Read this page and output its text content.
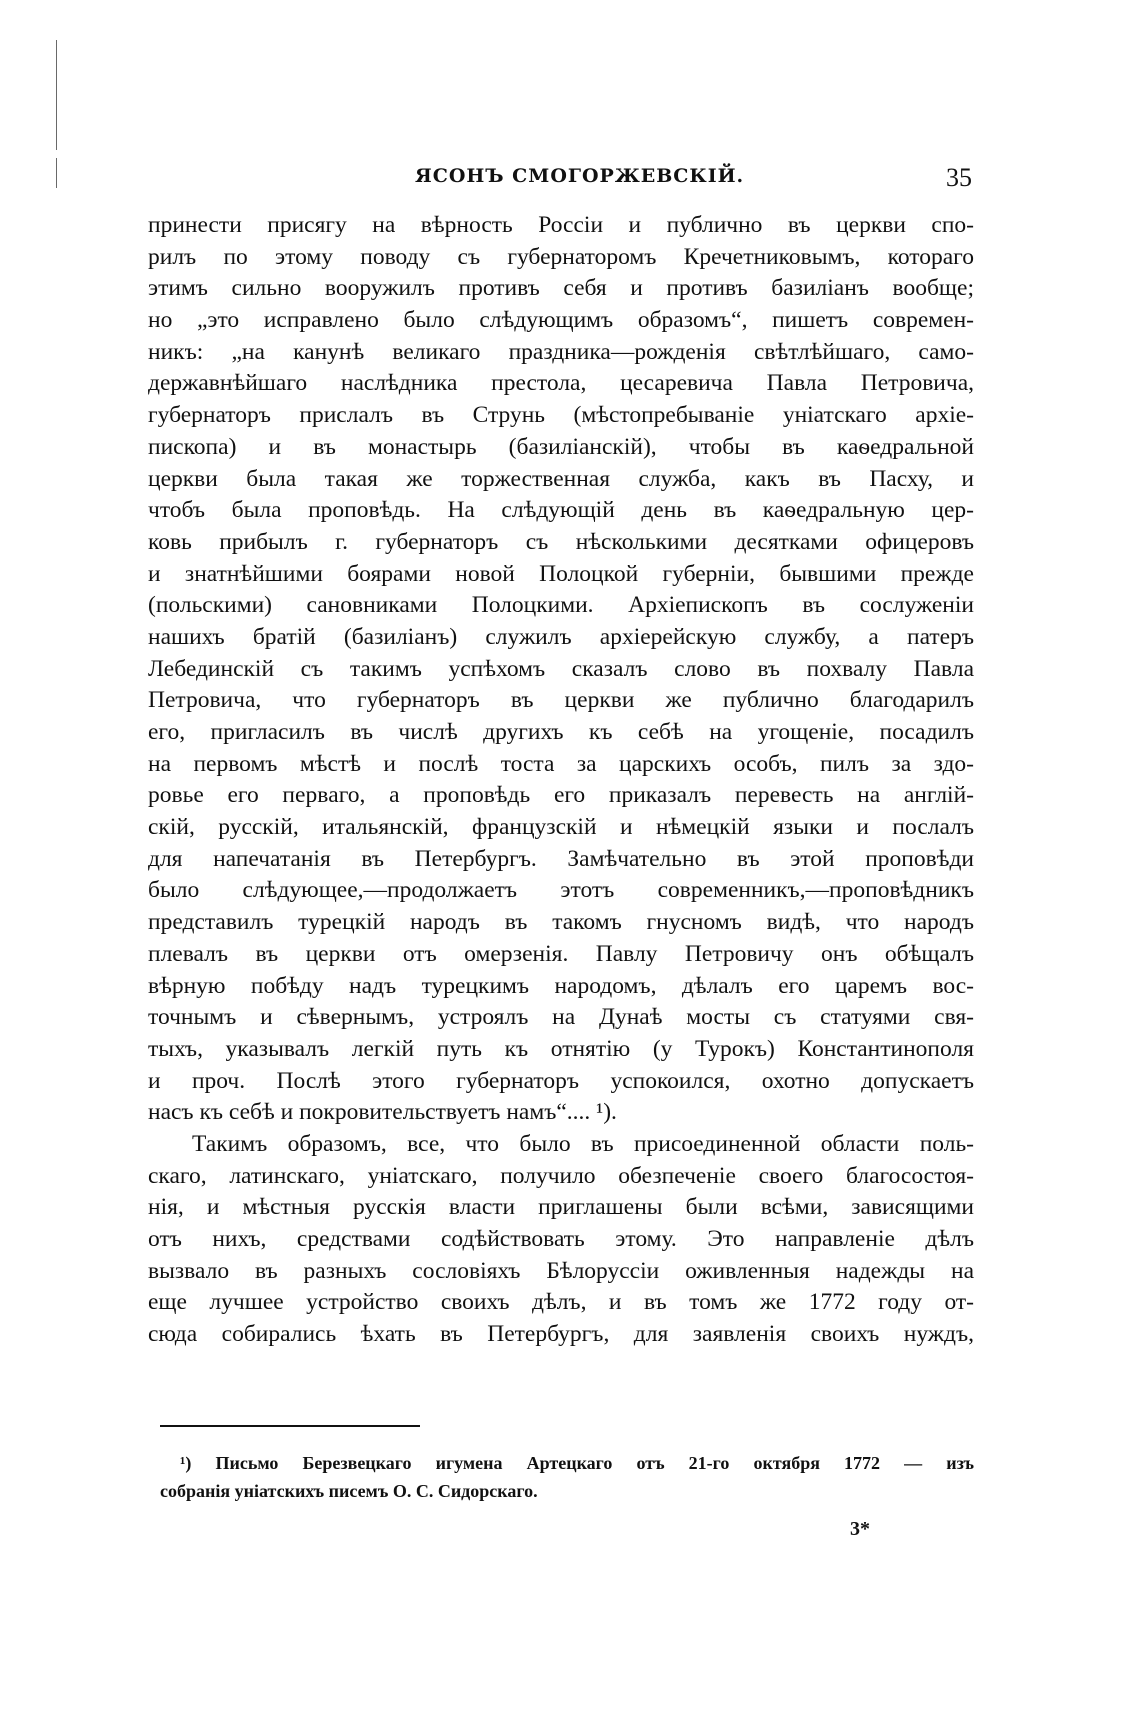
ЯСОНЪ СМОГОРЖЕВСКІЙ.	35
принести присягу на вѣрность Россіи и публично въ церкви спо-
рилъ по этому поводу съ губернаторомъ Кречетниковымъ, котораго
этимъ сильно вооружилъ противъ себя и противъ базиліанъ вообще;
но „это исправлено было слѣдующимъ образомъ“, пишетъ современ-
никъ: „на канунѣ великаго праздника—рожденія свѣтлѣйшаго, само-
державнѣйшаго наслѣдника престола, цесаревича Павла Петровича,
губернаторъ прислалъ въ Струнь (мѣстопребываніе уніатскаго архіе-
пископа) и въ монастырь (базиліанскій), чтобы въ каѳедральной
церкви была такая же торжественная служба, какъ въ Пасху, и
чтобъ была проповѣдь. На слѣдующій день въ каѳедральную цер-
ковь прибылъ г. губернаторъ съ нѣсколькими десятками офицеровъ
и знатнѣйшими боярами новой Полоцкой губерніи, бывшими прежде
(польскими) сановниками Полоцкими. Архіепископъ въ сослуженіи
нашихъ братій (базиліанъ) служилъ архіерейскую службу, а патеръ
Лебединскій съ такимъ успѣхомъ сказалъ слово въ похвалу Павла
Петровича, что губернаторъ въ церкви же публично благодарилъ
его, пригласилъ въ числѣ другихъ къ себѣ на угощеніе, посадилъ
на первомъ мѣстѣ и послѣ тоста за царскихъ особъ, пилъ за здо-
ровье его первaго, а проповѣдь его приказалъ перевесть на англій-
скій, русскій, итальянскій, французскій и нѣмецкій языки и послалъ
для напечатанія въ Петербургъ. Замѣчательно въ этой проповѣди
было слѣдующее,—продолжаетъ этотъ современникъ,—проповѣдникъ
представилъ турецкій народъ въ такомъ гнусномъ видѣ, что народъ
плевалъ въ церкви отъ омерзенія. Павлу Петровичу онъ обѣщалъ
вѣрную побѣду надъ турецкимъ народомъ, дѣлалъ его царемъ вос-
точнымъ и сѣвернымъ, устроялъ на Дунаѣ мосты съ статуями свя-
тыхъ, указывалъ легкій путь къ отнятію (у Турокъ) Константинополя
и проч. Послѣ этого губернаторъ успокоился, охотно допускаетъ
насъ къ себѣ и покровительствуетъ намъ“.... ¹).
Такимъ образомъ, все, что было въ присоединенной области поль-
скаго, латинскаго, уніатскаго, получило обезпеченіе своего благосостоя-
нія, и мѣстныя русскія власти приглашены были всѣми, зависящими
отъ нихъ, средствами содѣйствовать этому. Это направленіе дѣлъ
вызвало въ разныхъ сословіяхъ Бѣлоруссіи оживленныя надежды на
еще лучшее устройство своихъ дѣлъ, и въ томъ же 1772 году от-
сюда собирались ѣхать въ Петербургъ, для заявленія своихъ нуждъ,
¹) Письмо Березвецкаго игумена Артецкаго отъ 21-го октября 1772 — изъ
собранія уніатскихъ писемъ О. С. Сидорскаго.
3*
